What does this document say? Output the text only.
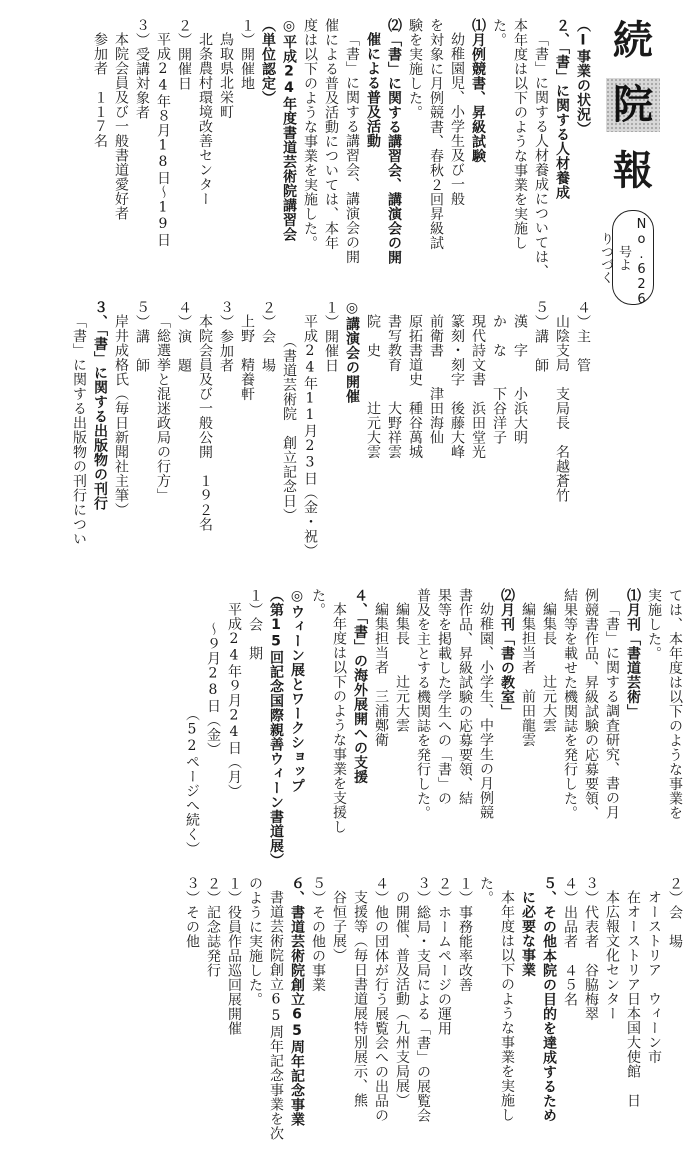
続
院
報
No.626号よ
りつづく

（Ⅰ事業の状況）

２、「書」に関する人材養成

「書」に関する人材養成については、

本年度は以下のような事業を実施し

た。

⑴月例競書、昇級試験

幼稚園児、小学生及び一般

を対象に月例競書、春秋２回昇級試

験を実施した。

⑵「書」に関する講習会、講演会の開

催による普及活動

「書」に関する講習会、講演会の開

催による普及活動については、本年

度は以下のような事業を実施した。

◎平成24年度書道芸術院講習会

（単位認定）

１）開催地

鳥取県北栄町

北条農村環境改善センター

２）開催日

平成24年８月18日～19日

３）受講対象者

本院会員及び一般書道愛好者

参加者　１１７名

４）主　管

山陰支局　支局長　名越蒼竹

５）講　師

漢　字　　小浜大明

か　な　　下谷洋子

現代詩文書　浜田堂光

篆刻・刻字　後藤大峰

前衛書　　津田海仙

原拓書道史　種谷萬城

書写教育　　大野祥雲

院　史　　　辻元大雲

◎講演会の開催

１）開催日

平成24年11月23日（金・祝）

（書道芸術院　創立記念日）

２）会　場

上野　精養軒

３）参加者

本院会員及び一般公開　１９２名

４）演　題

「総選挙と混迷政局の行方」

５）講　師

岸井成格氏（毎日新聞社主筆）

３、「書」に関する出版物の刊行

「書」に関する出版物の刊行につい

ては、本年度は以下のような事業を

実施した。

⑴月刊「書道芸術」

「書」に関する調査研究、書の月

例競書作品、昇級試験の応募要領、

結果等を載せた機関誌を発行した。

編集長　　辻元大雲

編集担当者　前田龍雲

⑵月刊「書の教室」

幼稚園、小学生、中学生の月例競

書作品、昇級試験の応募要領、結

果等を掲載した学生への「書」の

普及を主とする機関誌を発行した。

編集長　　辻元大雲

編集担当者　三浦鄭衛

４、「書」の海外展開への支援

本年度は以下のような事業を支援し

た。

◎ウィーン展とワークショップ

（第15回記念国際親善ウィーン書道展）

１）会　期

平成24年９月24日（月）

～９月28日（金）

（52ページへ続く）

２）会　場

オーストリア　ウィーン市

在オーストリア日本国大使館　日

本広報文化センター

３）代表者　谷脇梅翠

４）出品者　４５名

５、その他本院の目的を達成するため

に必要な事業

本年度は以下のような事業を実施し

た。

１）事務能率改善

２）ホームページの運用

３）総局・支局による「書」の展覧会

の開催、普及活動（九州支局展）

４）他の団体が行う展覧会への出品の

支援等（毎日書道展特別展示、熊

谷恒子展）

５）その他の事業

６、書道芸術院創立65周年記念事業

書道芸術院創立65周年記念事業を次

のように実施した。

１）役員作品巡回展開催

２）記念誌発行

３）その他
